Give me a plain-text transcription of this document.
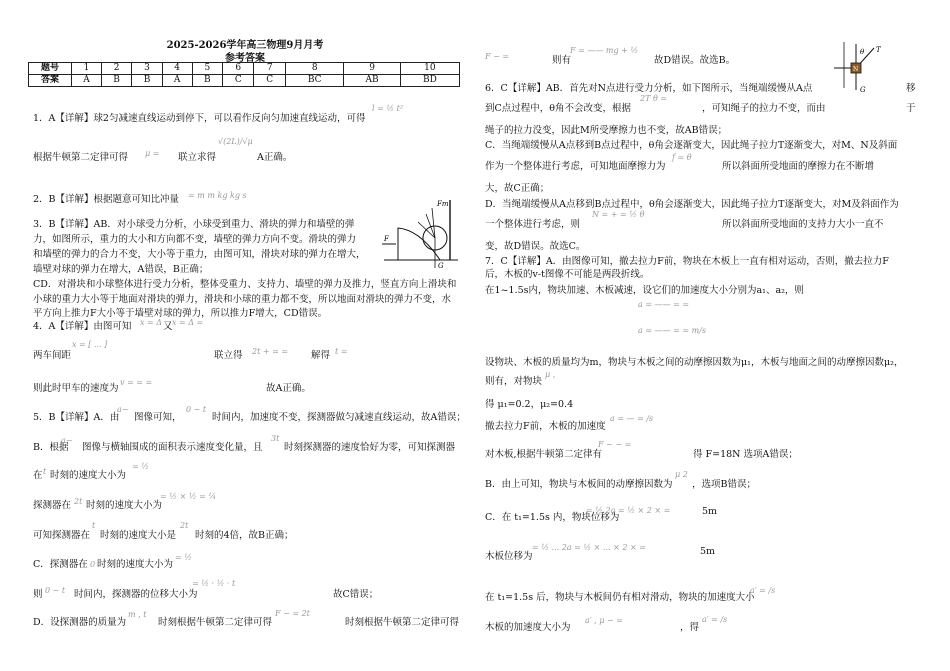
2025-2026学年高三物理9月月考
参考答案
题号	1	2	3	4	5	6	7	8	9	10
答案	A	B	B	A	B	C	C	BC	AB	BD
1．A【详解】球2匀减速直线运动到停下，可以看作反向匀加速直线运动，可得
l = ½ t²
根据牛顿第二定律可得 μ = 联立求得
√(2L)/√μ
A正确。
2．B【详解】根据题意可知比冲量 = m m kg kg s
3．B【详解】AB．对小球受力分析，小球受到重力、滑块的弹力和墙壁的弹
力，如图所示，重力的大小和方向都不变，墙壁的弹力方向不变。滑块的弹力
和墙壁的弹力的合力不变，大小等于重力，由图可知，滑块对球的弹力在增大，
墙壁对球的弹力在增大，A错误，B正确；
CD．对滑块和小球整体进行受力分析，整体受重力、支持力、墙壁的弹力及推力，竖直方向上滑块和
小球的重力大小等于地面对滑块的弹力，滑块和小球的重力都不变，所以地面对滑块的弹力不变，水
平方向上推力F大小等于墙壁对球的弹力，所以推力F增大，CD错误。
F
Fm
G
4．A【详解】由图可知 x = Δ 又 x = Δ =
两车间距
x = [ ... ]
联立得 2t + = = 解得 t =
则此时甲车的速度为
v = = =
故A正确。
5．B【详解】A．由
a−
图像可知，
0 ~ t
时间内，加速度不变，探测器做匀减速直线运动，故A错误；
B．根据
a−
图像与横轴围成的面积表示速度变化量，且
3t
时刻探测器的速度恰好为零，可知探测器
在 t 时刻的速度大小为
= ½
探测器在 2t 时刻的速度大小为
= ½ × ½ = ¼
可知探测器在
t
时刻的速度大小是
2t
时刻的4倍，故B正确；
C．探测器在 0 时刻的速度大小为
= ½
则 0 ~ t 时间内，探测器的位移大小为
= ½ · ½ · t
故C错误；
D．设探测器的质量为
m , t
时刻根据牛顿第二定律可得
F − = 2t
时刻根据牛顿第二定律可得
F − =	则有
F = —— mg + ½
故D错误。故选B。
N
θ T
G
6．C【详解】AB．首先对N点进行受力分析，如下图所示，当绳端缓慢从A点	移
到C点过程中，θ角不会改变，根据
2T θ =
，可知绳子的拉力不变，而由	于
绳子的拉力没变，因此M所受摩擦力也不变，故AB错误；
C．当绳端缓慢从A点移到B点过程中，θ角会逐渐变大，因此绳子拉力T逐渐变大，对M、N及斜面
作为一个整体进行考虑，可知地面摩擦力为
f = θ
所以斜面所受地面的摩擦力在不断增
大，故C正确；
D．当绳端缓慢从A点移到B点过程中，θ角会逐渐变大，因此绳子拉力T逐渐变大，对M及斜面作为
一个整体进行考虑，则
N = + = ½ θ
所以斜面所受地面的支持力大小一直不
变，故D错误。故选C。
7．C【详解】A．由图像可知，撤去拉力F前，物块在木板上一直有相对运动，否则，撤去拉力F
后，木板的v-t图像不可能是两段折线。
在1~1.5s内，物块加速、木板减速，设它们的加速度大小分别为a₁、a₂，则
a = —— = =
a = —— = = m/s
设物块、木板的质量均为m，物块与木板之间的动摩擦因数为μ₁，木板与地面之间的动摩擦因数μ₂，
则有，对物块
μ ,
得 μ₁=0.2，μ₂=0.4
撤去拉力F前，木板的加速度
a = — = /s
对木板,根据牛顿第二定律有
F − − =
得 F=18N 选项A错误；
B．由上可知，物块与木板间的动摩擦因数为
μ 2
，选项B错误；
C．在 t₁=1.5s 内，物块位移为
= ½ 2a = ½ × 2 × =	5m
木板位移为
= ½ ... 2a = ½ × ... × 2 × =	5m
在 t₁=1.5s 后，物块与木板间仍有相对滑动，物块的加速度大小
a′ = /s
木板的加速度大小为
a′ , μ − =
，得
a′ = /s
